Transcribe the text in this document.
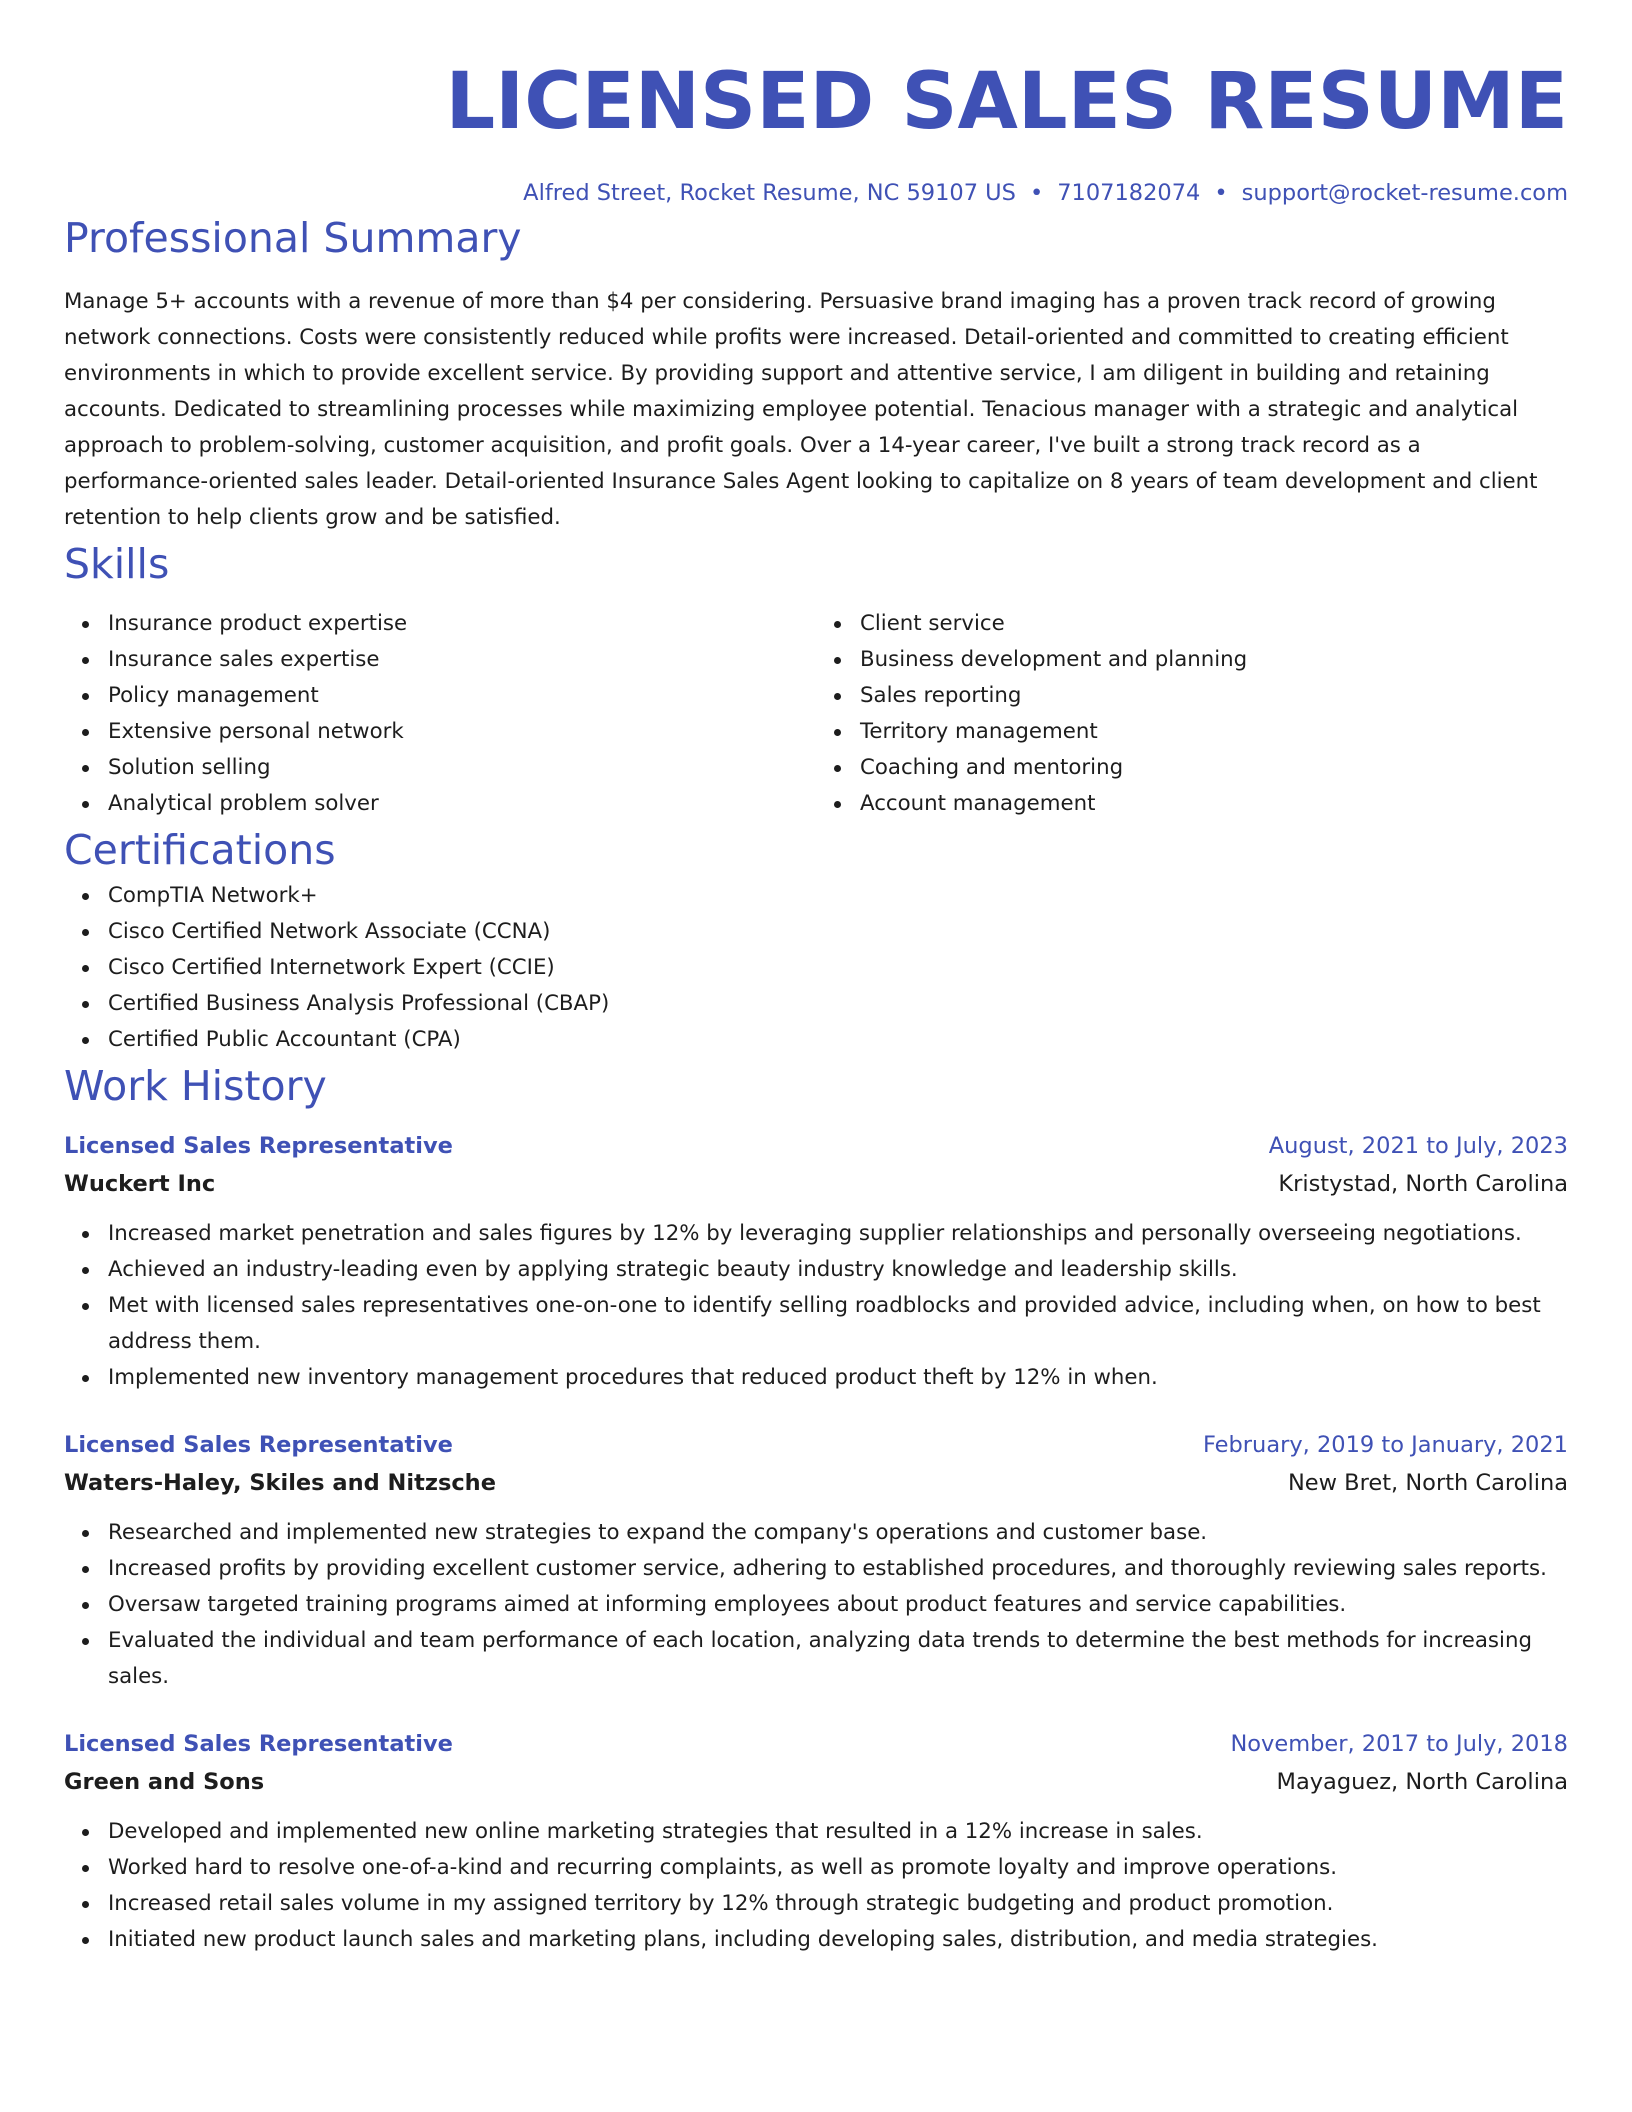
LICENSED SALES RESUME
Alfred Street, Rocket Resume, NC 59107 US • 7107182074 • support@rocket-resume.com
Professional Summary
Manage 5+ accounts with a revenue of more than $4 per considering. Persuasive brand imaging has a proven track record of growing network connections. Costs were consistently reduced while profits were increased. Detail-oriented and committed to creating efficient environments in which to provide excellent service. By providing support and attentive service, I am diligent in building and retaining accounts. Dedicated to streamlining processes while maximizing employee potential. Tenacious manager with a strategic and analytical approach to problem-solving, customer acquisition, and profit goals. Over a 14-year career, I've built a strong track record as a performance-oriented sales leader. Detail-oriented Insurance Sales Agent looking to capitalize on 8 years of team development and client retention to help clients grow and be satisfied.
Skills
Insurance product expertise
Insurance sales expertise
Policy management
Extensive personal network
Solution selling
Analytical problem solver
Client service
Business development and planning
Sales reporting
Territory management
Coaching and mentoring
Account management
Certifications
CompTIA Network+
Cisco Certified Network Associate (CCNA)
Cisco Certified Internetwork Expert (CCIE)
Certified Business Analysis Professional (CBAP)
Certified Public Accountant (CPA)
Work History
Licensed Sales Representative	August, 2021 to July, 2023
Wuckert Inc	Kristystad, North Carolina
Increased market penetration and sales figures by 12% by leveraging supplier relationships and personally overseeing negotiations.
Achieved an industry-leading even by applying strategic beauty industry knowledge and leadership skills.
Met with licensed sales representatives one-on-one to identify selling roadblocks and provided advice, including when, on how to best address them.
Implemented new inventory management procedures that reduced product theft by 12% in when.
Licensed Sales Representative	February, 2019 to January, 2021
Waters-Haley, Skiles and Nitzsche	New Bret, North Carolina
Researched and implemented new strategies to expand the company's operations and customer base.
Increased profits by providing excellent customer service, adhering to established procedures, and thoroughly reviewing sales reports.
Oversaw targeted training programs aimed at informing employees about product features and service capabilities.
Evaluated the individual and team performance of each location, analyzing data trends to determine the best methods for increasing sales.
Licensed Sales Representative	November, 2017 to July, 2018
Green and Sons	Mayaguez, North Carolina
Developed and implemented new online marketing strategies that resulted in a 12% increase in sales.
Worked hard to resolve one-of-a-kind and recurring complaints, as well as promote loyalty and improve operations.
Increased retail sales volume in my assigned territory by 12% through strategic budgeting and product promotion.
Initiated new product launch sales and marketing plans, including developing sales, distribution, and media strategies.
